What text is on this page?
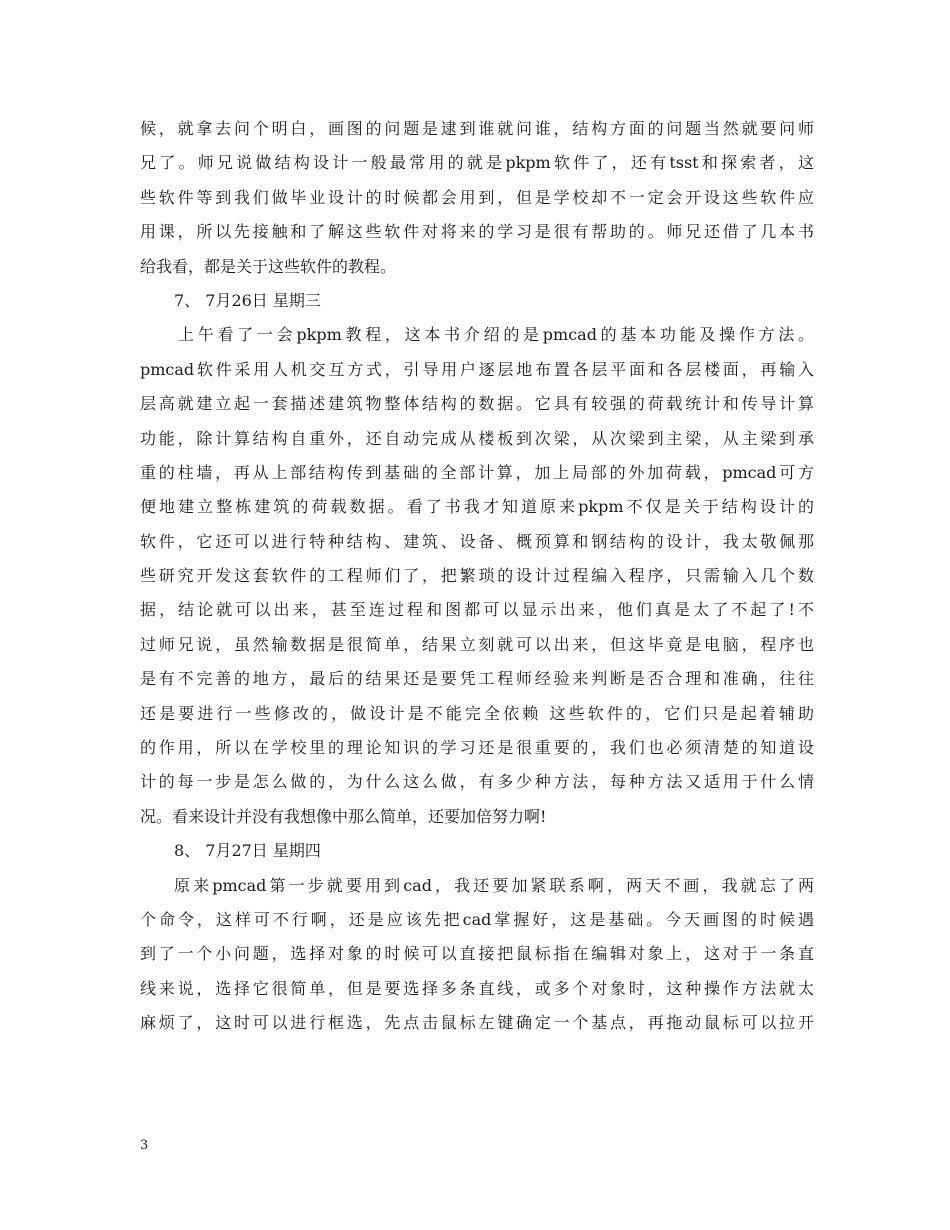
候，就拿去问个明白，画图的问题是逮到谁就问谁，结构方面的问题当然就要问师
兄了。师兄说做结构设计一般最常用的就是pkpm软件了，还有tsst和探索者，这
些软件等到我们做毕业设计的时候都会用到，但是学校却不一定会开设这些软件应
用课，所以先接触和了解这些软件对将来的学习是很有帮助的。师兄还借了几本书
给我看，都是关于这些软件的教程。
7、 7月26日 星期三
上午看了一会pkpm教程，这本书介绍的是pmcad的基本功能及操作方法。
pmcad软件采用人机交互方式，引导用户逐层地布置各层平面和各层楼面，再输入
层高就建立起一套描述建筑物整体结构的数据。它具有较强的荷载统计和传导计算
功能，除计算结构自重外，还自动完成从楼板到次梁，从次梁到主梁，从主梁到承
重的柱墙，再从上部结构传到基础的全部计算，加上局部的外加荷载，pmcad可方
便地建立整栋建筑的荷载数据。看了书我才知道原来pkpm不仅是关于结构设计的
软件，它还可以进行特种结构、建筑、设备、概预算和钢结构的设计，我太敬佩那
些研究开发这套软件的工程师们了，把繁琐的设计过程编入程序，只需输入几个数
据，结论就可以出来，甚至连过程和图都可以显示出来，他们真是太了不起了!不
过师兄说，虽然输数据是很简单，结果立刻就可以出来，但这毕竟是电脑，程序也
是有不完善的地方，最后的结果还是要凭工程师经验来判断是否合理和准确，往往
还是要进行一些修改的，做设计是不能完全依赖 这些软件的，它们只是起着辅助
的作用，所以在学校里的理论知识的学习还是很重要的，我们也必须清楚的知道设
计的每一步是怎么做的，为什么这么做，有多少种方法，每种方法又适用于什么情
况。看来设计并没有我想像中那么简单，还要加倍努力啊!
8、 7月27日 星期四
原来pmcad第一步就要用到cad，我还要加紧联系啊，两天不画，我就忘了两
个命令，这样可不行啊，还是应该先把cad掌握好，这是基础。今天画图的时候遇
到了一个小问题，选择对象的时候可以直接把鼠标指在编辑对象上，这对于一条直
线来说，选择它很简单，但是要选择多条直线，或多个对象时，这种操作方法就太
麻烦了，这时可以进行框选，先点击鼠标左键确定一个基点，再拖动鼠标可以拉开
3
